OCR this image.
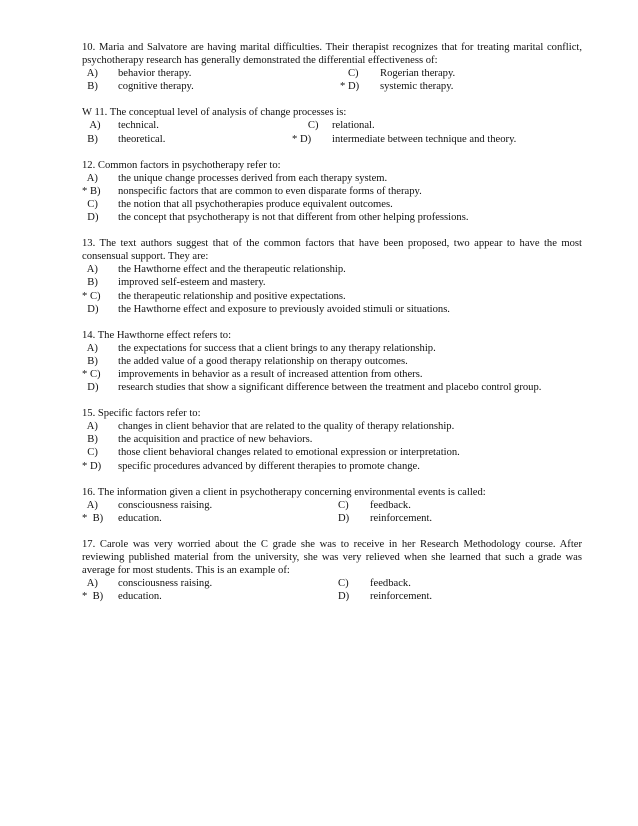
10. Maria and Salvatore are having marital difficulties. Their therapist recognizes that for treating marital conflict, psychotherapy research has generally demonstrated the differential effectiveness of:
A)	behavior therapy.	C)	Rogerian therapy.
B)	cognitive therapy.	* D)	systemic therapy.
W 11. The conceptual level of analysis of change processes is:
A)	technical.	C)	relational.
B)	theoretical.	* D)	intermediate between technique and theory.
12. Common factors in psychotherapy refer to:
A)	the unique change processes derived from each therapy system.
* B)	nonspecific factors that are common to even disparate forms of therapy.
C)	the notion that all psychotherapies produce equivalent outcomes.
D)	the concept that psychotherapy is not that different from other helping professions.
13. The text authors suggest that of the common factors that have been proposed, two appear to have the most consensual support. They are:
A)	the Hawthorne effect and the therapeutic relationship.
B)	improved self-esteem and mastery.
* C)	the therapeutic relationship and positive expectations.
D)	the Hawthorne effect and exposure to previously avoided stimuli or situations.
14. The Hawthorne effect refers to:
A)	the expectations for success that a client brings to any therapy relationship.
B)	the added value of a good therapy relationship on therapy outcomes.
* C)	improvements in behavior as a result of increased attention from others.
D)	research studies that show a significant difference between the treatment and placebo control group.
15. Specific factors refer to:
A)	changes in client behavior that are related to the quality of therapy relationship.
B)	the acquisition and practice of new behaviors.
C)	those client behavioral changes related to emotional expression or interpretation.
* D)	specific procedures advanced by different therapies to promote change.
16. The information given a client in psychotherapy concerning environmental events is called:
A)	consciousness raising.	C)	feedback.
*  B)	education.	D)	reinforcement.
17. Carole was very worried about the C grade she was to receive in her Research Methodology course. After reviewing published material from the university, she was very relieved when she learned that such a grade was average for most students. This is an example of:
A)	consciousness raising.	C)	feedback.
*  B)	education.	D)	reinforcement.
